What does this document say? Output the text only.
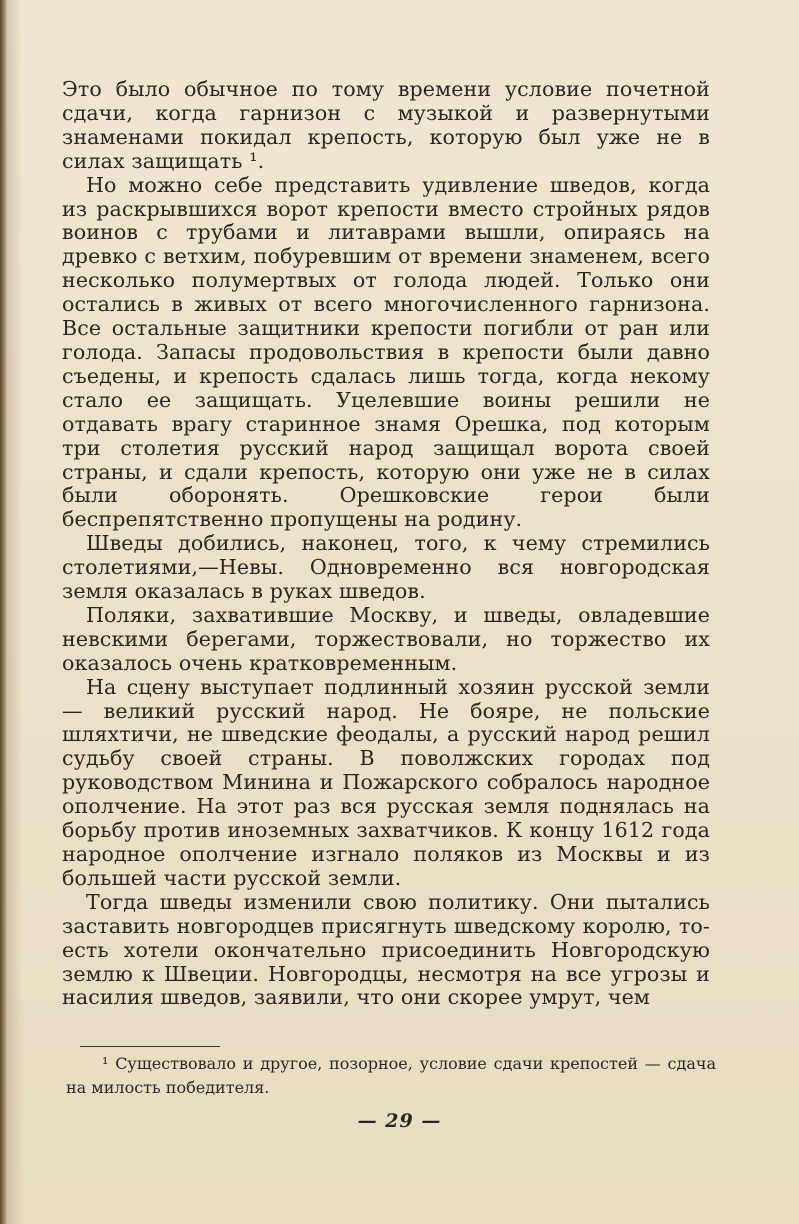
Это было обычное по тому времени условие почетной сдачи, когда гарнизон с музыкой и развернутыми знаменами покидал крепость, которую был уже не в силах защищать ¹.

Но можно себе представить удивление шведов, когда из раскрывшихся ворот крепости вместо стройных рядов воинов с трубами и литаврами вышли, опираясь на древко с ветхим, побуревшим от времени знаменем, всего несколько полумертвых от голода людей. Только они остались в живых от всего многочисленного гарнизона. Все остальные защитники крепости погибли от ран или голода. Запасы продовольствия в крепости были давно съедены, и крепость сдалась лишь тогда, когда некому стало ее защищать. Уцелевшие воины решили не отдавать врагу старинное знамя Орешка, под которым три столетия русский народ защищал ворота своей страны, и сдали крепость, которую они уже не в силах были оборонять. Орешковские герои были беспрепятственно пропущены на родину.

Шведы добились, наконец, того, к чему стремились столетиями,—Невы. Одновременно вся новгородская земля оказалась в руках шведов.

Поляки, захватившие Москву, и шведы, овладевшие невскими берегами, торжествовали, но торжество их оказалось очень кратковременным.

На сцену выступает подлинный хозяин русской земли — великий русский народ. Не бояре, не польские шляхтичи, не шведские феодалы, а русский народ решил судьбу своей страны. В поволжских городах под руководством Минина и Пожарского собралось народное ополчение. На этот раз вся русская земля поднялась на борьбу против иноземных захватчиков. К концу 1612 года народное ополчение изгнало поляков из Москвы и из большей части русской земли.

Тогда шведы изменили свою политику. Они пытались заставить новгородцев присягнуть шведскому королю, то-есть хотели окончательно присоединить Новгородскую землю к Швеции. Новгородцы, несмотря на все угрозы и насилия шведов, заявили, что они скорее умрут, чем

¹ Существовало и другое, позорное, условие сдачи крепостей — сдача на милость победителя.

— 29 —
